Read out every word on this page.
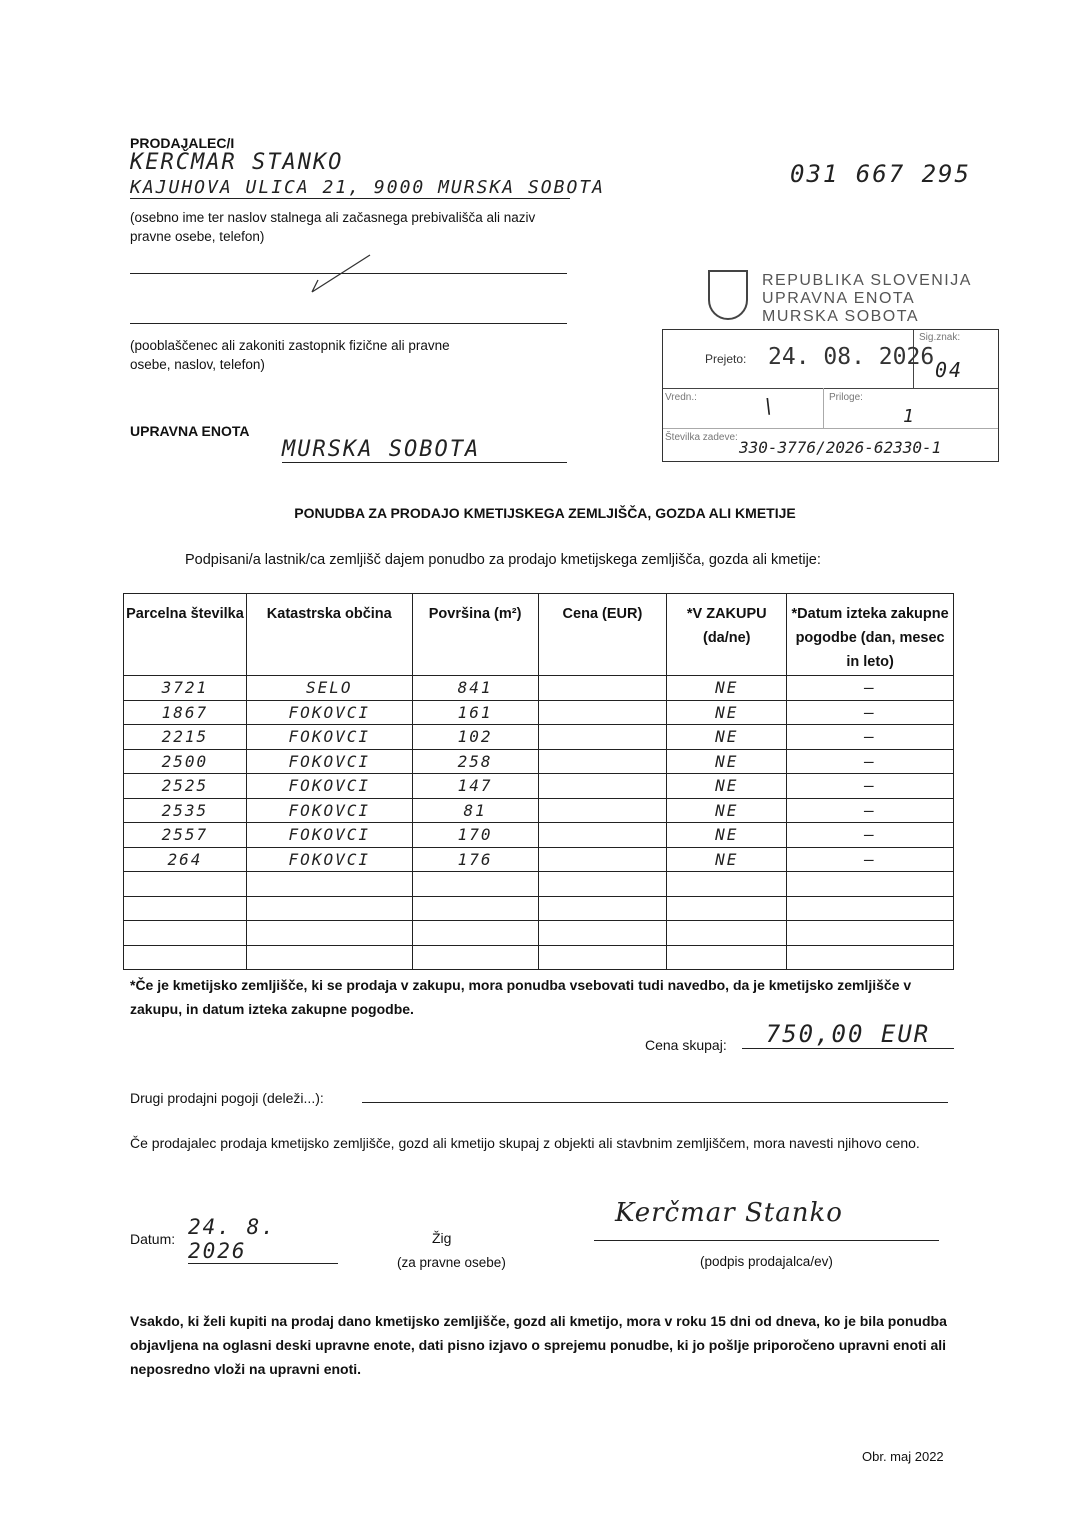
PRODAJALEC/I
KERČMAR STANKO
KAJUHOVA ULICA 21, 9000 MURSKA SOBOTA	031 667 295
(osebno ime ter naslov stalnega ali začasnega prebivališča ali naziv pravne osebe, telefon)
(pooblaščenec ali zakoniti zastopnik fizične ali pravne osebe, naslov, telefon)
UPRAVNA ENOTA
MURSKA SOBOTA
REPUBLIKA SLOVENIJA
UPRAVNA ENOTA
MURSKA SOBOTA
Prejeto: 24. 08. 2026
Sig.znak:
04
Vredn.:	\	Priloge:
1
Številka zadeve:
330-3776/2026-62330-1
PONUDBA ZA PRODAJO KMETIJSKEGA ZEMLJIŠČA, GOZDA ALI KMETIJE
Podpisani/a lastnik/ca zemljišč dajem ponudbo za prodajo kmetijskega zemljišča, gozda ali kmetije:
Parcelna številka	Katastrska občina	Površina (m²)	Cena (EUR)	*V ZAKUPU (da/ne)	*Datum izteka zakupne pogodbe (dan, mesec in leto)
3721	SELO	841		NE	—
1867	FOKOVCI	161		NE	—
2215	FOKOVCI	102		NE	—
2500	FOKOVCI	258		NE	—
2525	FOKOVCI	147		NE	—
2535	FOKOVCI	81		NE	—
2557	FOKOVCI	170		NE	—
264	FOKOVCI	176		NE	—

*Če je kmetijsko zemljišče, ki se prodaja v zakupu, mora ponudba vsebovati tudi navedbo, da je kmetijsko zemljišče v zakupu, in datum izteka zakupne pogodbe.
Cena skupaj:	750,00 EUR
Drugi prodajni pogoji (deleži...):
Če prodajalec prodaja kmetijsko zemljišče, gozd ali kmetijo skupaj z objekti ali stavbnim zemljiščem, mora navesti njihovo ceno.
Datum: 24. 8. 2026
Žig
(za pravne osebe)
Kerčmar Stanko
(podpis prodajalca/ev)
Vsakdo, ki želi kupiti na prodaj dano kmetijsko zemljišče, gozd ali kmetijo, mora v roku 15 dni od dneva, ko je bila ponudba objavljena na oglasni deski upravne enote, dati pisno izjavo o sprejemu ponudbe, ki jo pošlje priporočeno upravni enoti ali neposredno vloži na upravni enoti.
Obr. maj 2022
